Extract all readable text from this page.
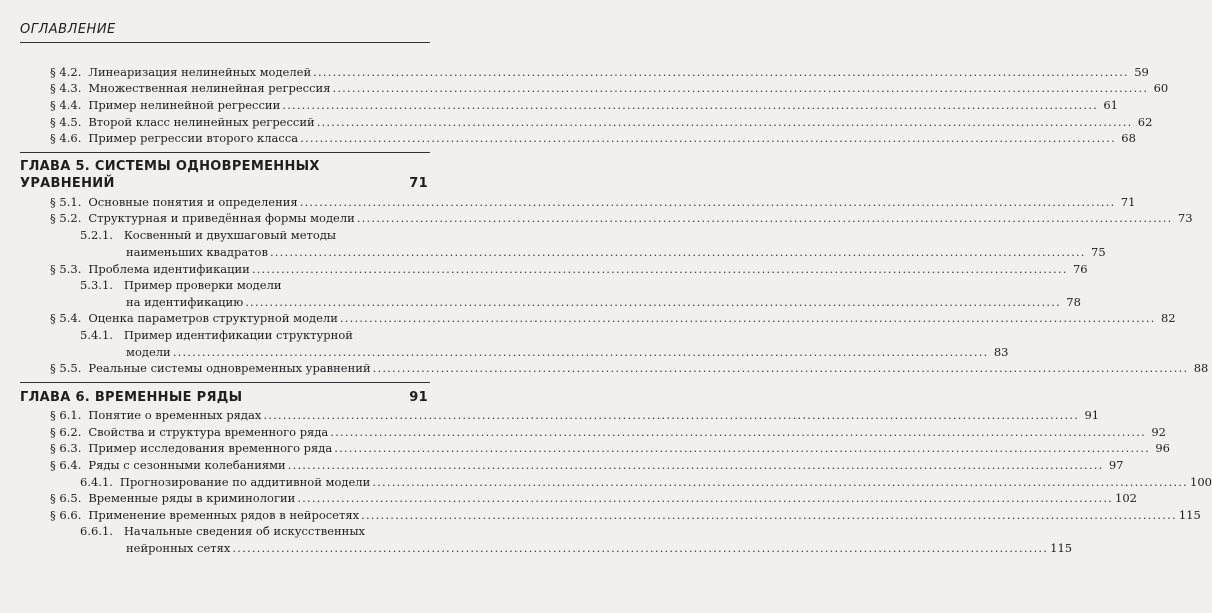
ОГЛАВЛЕНИЕ
§ 4.2. Линеаризация нелинейных моделей ........................................................................................................................................................................ 59
§ 4.3. Множественная нелинейная регрессия ........................................................................................................................................................................ 60
§ 4.4. Пример нелинейной регрессии ........................................................................................................................................................................ 61
§ 4.5. Второй класс нелинейных регрессий ........................................................................................................................................................................ 62
§ 4.6. Пример регрессии второго класса ........................................................................................................................................................................ 68
ГЛАВА 5. СИСТЕМЫ ОДНОВРЕМЕННЫХ
УРАВНЕНИЙ	71
§ 5.1. Основные понятия и определения ........................................................................................................................................................................ 71
§ 5.2. Структурная и приведённая формы модели ........................................................................................................................................................................ 73
5.2.1. Косвенный и двухшаговый методы
наименьших квадратов ........................................................................................................................................................................ 75
§ 5.3. Проблема идентификации ........................................................................................................................................................................ 76
5.3.1. Пример проверки модели
на идентификацию ........................................................................................................................................................................ 78
§ 5.4. Оценка параметров структурной модели ........................................................................................................................................................................ 82
5.4.1. Пример идентификации структурной
модели ........................................................................................................................................................................ 83
§ 5.5. Реальные системы одновременных уравнений ........................................................................................................................................................................ 88
ГЛАВА 6. ВРЕМЕННЫЕ РЯДЫ	91
§ 6.1. Понятие о временных рядах ........................................................................................................................................................................ 91
§ 6.2. Свойства и структура временного ряда ........................................................................................................................................................................ 92
§ 6.3. Пример исследования временного ряда ........................................................................................................................................................................ 96
§ 6.4. Ряды с сезонными колебаниями ........................................................................................................................................................................ 97
6.4.1. Прогнозирование по аддитивной модели ........................................................................................................................................................................ 100
§ 6.5. Временные ряды в криминологии ........................................................................................................................................................................ 102
§ 6.6. Применение временных рядов в нейросетях ........................................................................................................................................................................ 115
6.6.1. Начальные сведения об искусственных
нейронных сетях ........................................................................................................................................................................ 115
